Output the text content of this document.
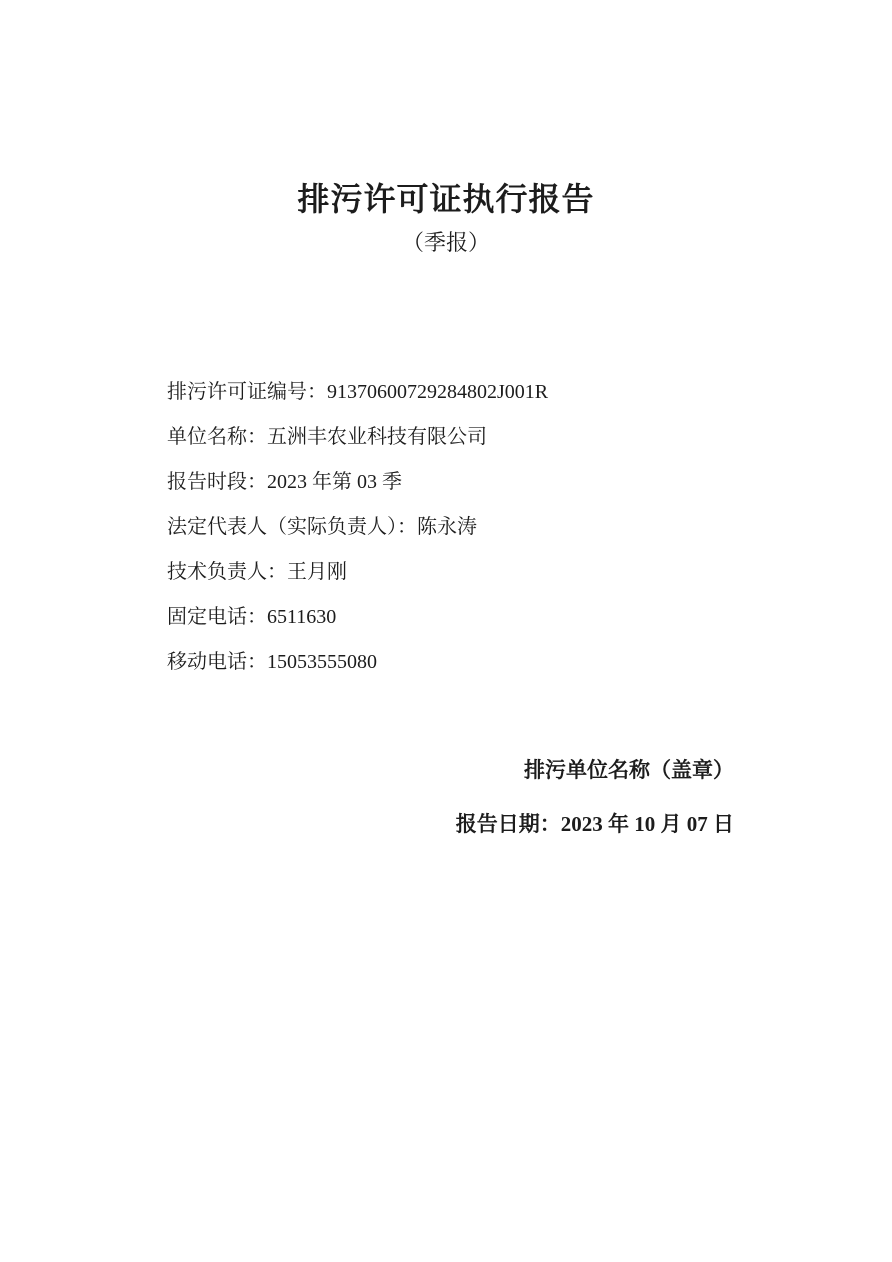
排污许可证执行报告
（季报）
排污许可证编号： 91370600729284802J001R
单位名称： 五洲丰农业科技有限公司
报告时段： 2023 年第 03 季
法定代表人（实际负责人）： 陈永涛
技术负责人： 王月刚
固定电话： 6511630
移动电话： 15053555080
排污单位名称（盖章）
报告日期：2023 年 10 月 07 日
